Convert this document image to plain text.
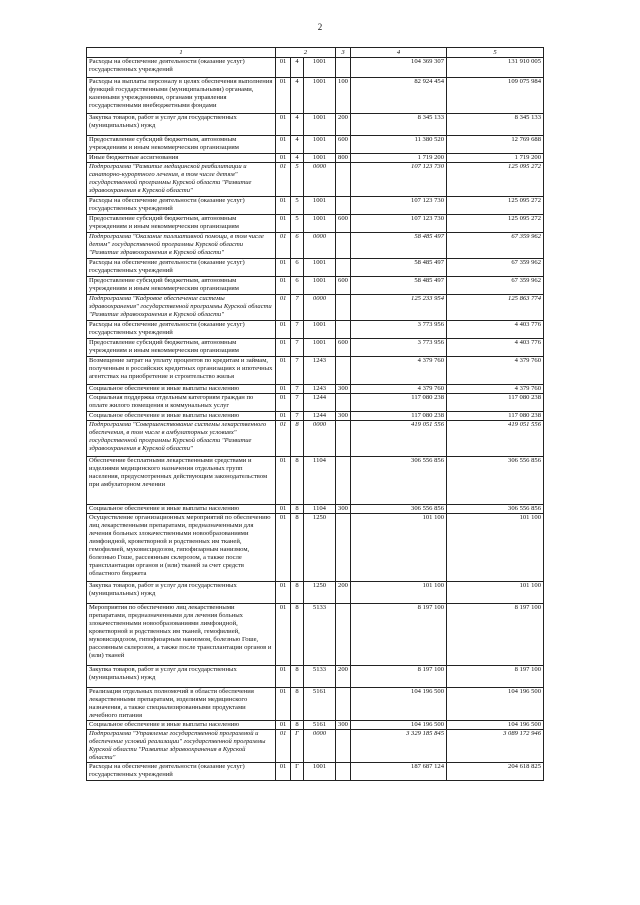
2
1	2			3	4	5
Расходы на обеспечение деятельности (оказание услуг) государственных учреждений	01	4	1001		104 369 307	131 910 005
Расходы на выплаты персоналу в целях обеспечения выполнения функций государственными (муниципальными) органами, казенными учреждениями, органами управления государственными внебюджетными фондами	01	4	1001	100	82 924 454	109 075 984
Закупка товаров, работ и услуг для государственных (муниципальных) нужд	01	4	1001	200	8 345 133	8 345 133
Предоставление субсидий бюджетным, автономным учреждениям и иным некоммерческим организациям	01	4	1001	600	11 380 520	12 769 688
Иные бюджетные ассигнования	01	4	1001	800	1 719 200	1 719 200
Подпрограмма "Развитие медицинской реабилитации и санаторно-курортного лечения, в том числе детям" государственной программы Курской области "Развитие здравоохранения в Курской области"	01	5	0000		107 123 730	125 095 272
Расходы на обеспечение деятельности (оказание услуг) государственных учреждений	01	5	1001		107 123 730	125 095 272
Предоставление субсидий бюджетным, автономным учреждениям и иным некоммерческим организациям	01	5	1001	600	107 123 730	125 095 272
Подпрограмма "Оказание паллиативной помощи, в том числе детям" государственной программы Курской области "Развитие здравоохранения в Курской области"	01	6	0000		58 485 497	67 359 962
Расходы на обеспечение деятельности (оказание услуг) государственных учреждений	01	6	1001		58 485 497	67 359 962
Предоставление субсидий бюджетным, автономным учреждениям и иным некоммерческим организациям	01	6	1001	600	58 485 497	67 359 962
Подпрограмма "Кадровое обеспечение системы здравоохранения" государственной программы Курской области "Развитие здравоохранения в Курской области"	01	7	0000		125 233 954	125 863 774
Расходы на обеспечение деятельности (оказание услуг) государственных учреждений	01	7	1001		3 773 956	4 403 776
Предоставление субсидий бюджетным, автономным учреждениям и иным некоммерческим организациям	01	7	1001	600	3 773 956	4 403 776
Возмещение затрат на уплату процентов по кредитам и займам, полученным в российских кредитных организациях и ипотечных агентствах на приобретение и строительство жилья	01	7	1243		4 379 760	4 379 760
Социальное обеспечение и иные выплаты населению	01	7	1243	300	4 379 760	4 379 760
Социальная поддержка отдельным категориям граждан по оплате жилого помещения и коммунальных услуг	01	7	1244		117 080 238	117 080 238
Социальное обеспечение и иные выплаты населению	01	7	1244	300	117 080 238	117 080 238
Подпрограмма "Совершенствование системы лекарственного обеспечения, в том числе в амбулаторных условиях" государственной программы Курской области "Развитие здравоохранения в Курской области"	01	8	0000		419 051 556	419 051 556
Обеспечение бесплатными лекарственными средствами и изделиями медицинского назначения отдельных групп населения, предусмотренных действующим законодательством при амбулаторном лечении	01	8	1104		306 556 856	306 556 856
Социальное обеспечение и иные выплаты населению	01	8	1104	300	306 556 856	306 556 856
Осуществление организационных мероприятий по обеспечению лиц лекарственными препаратами, предназначенными для лечения больных злокачественными новообразованиями лимфоидной, кроветворной и родственных им тканей, гемофилией, муковисцидозом, гипофизарным нанизмом, болезнью Гоше, рассеянным склерозом, а также после трансплантации органов и (или) тканей за счет средств областного бюджета	01	8	1250		101 100	101 100
Закупка товаров, работ и услуг для государственных (муниципальных) нужд	01	8	1250	200	101 100	101 100
Мероприятия по обеспечению лиц лекарственными препаратами, предназначенными для лечения больных злокачественными новообразованиями лимфоидной, кроветворной и родственных им тканей, гемофилией, муковисцидозом, гипофизарным нанизмом, болезнью Гоше, рассеянным склерозом, а также после трансплантации органов и (или) тканей	01	8	5133		8 197 100	8 197 100
Закупка товаров, работ и услуг для государственных (муниципальных) нужд	01	8	5133	200	8 197 100	8 197 100
Реализация отдельных полномочий в области обеспечения лекарственными препаратами, изделиями медицинского назначения, а также специализированными продуктами лечебного питания	01	8	5161		104 196 500	104 196 500
Социальное обеспечение и иные выплаты населению	01	8	5161	300	104 196 500	104 196 500
Подпрограмма "Управление государственной программой и обеспечение условий реализации" государственной программы Курской области "Развитие здравоохранения в Курской области"	01	Г	0000		3 329 185 845	3 089 172 946
Расходы на обеспечение деятельности (оказание услуг) государственных учреждений	01	Г	1001		187 687 124	204 618 825
